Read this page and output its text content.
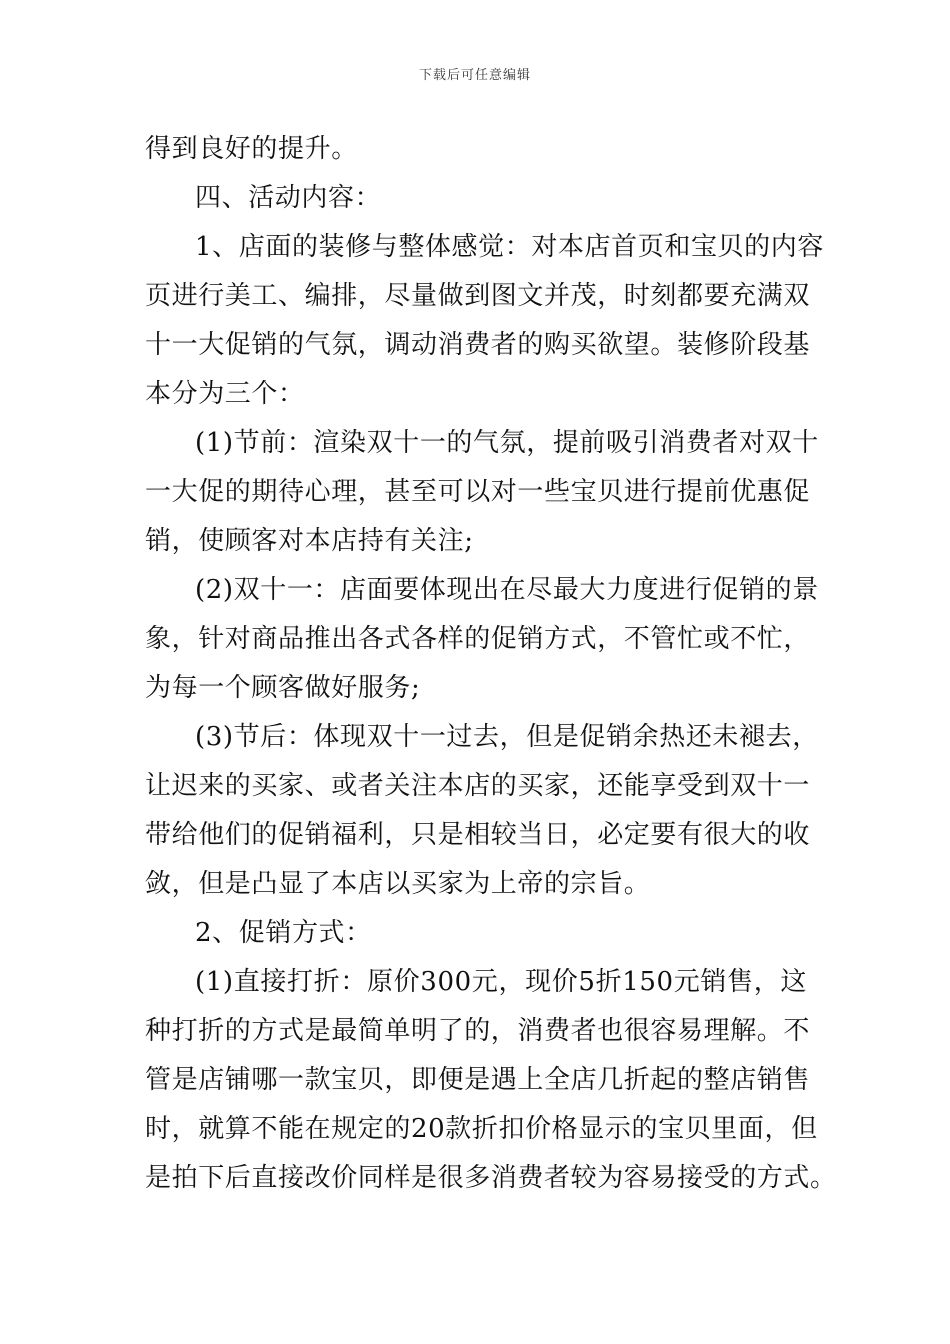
下载后可任意编辑
得到良好的提升。
四、活动内容：
1、店面的装修与整体感觉：对本店首页和宝贝的内容
页进行美工、编排，尽量做到图文并茂，时刻都要充满双
十一大促销的气氛，调动消费者的购买欲望。装修阶段基
本分为三个：
(1)节前：渲染双十一的气氛，提前吸引消费者对双十
一大促的期待心理，甚至可以对一些宝贝进行提前优惠促
销，使顾客对本店持有关注;
(2)双十一：店面要体现出在尽最大力度进行促销的景
象，针对商品推出各式各样的促销方式，不管忙或不忙，
为每一个顾客做好服务;
(3)节后：体现双十一过去，但是促销余热还未褪去，
让迟来的买家、或者关注本店的买家，还能享受到双十一
带给他们的促销福利，只是相较当日，必定要有很大的收
敛，但是凸显了本店以买家为上帝的宗旨。
2、促销方式：
(1)直接打折：原价300元，现价5折150元销售，这
种打折的方式是最简单明了的，消费者也很容易理解。不
管是店铺哪一款宝贝，即便是遇上全店几折起的整店销售
时，就算不能在规定的20款折扣价格显示的宝贝里面，但
是拍下后直接改价同样是很多消费者较为容易接受的方式。
